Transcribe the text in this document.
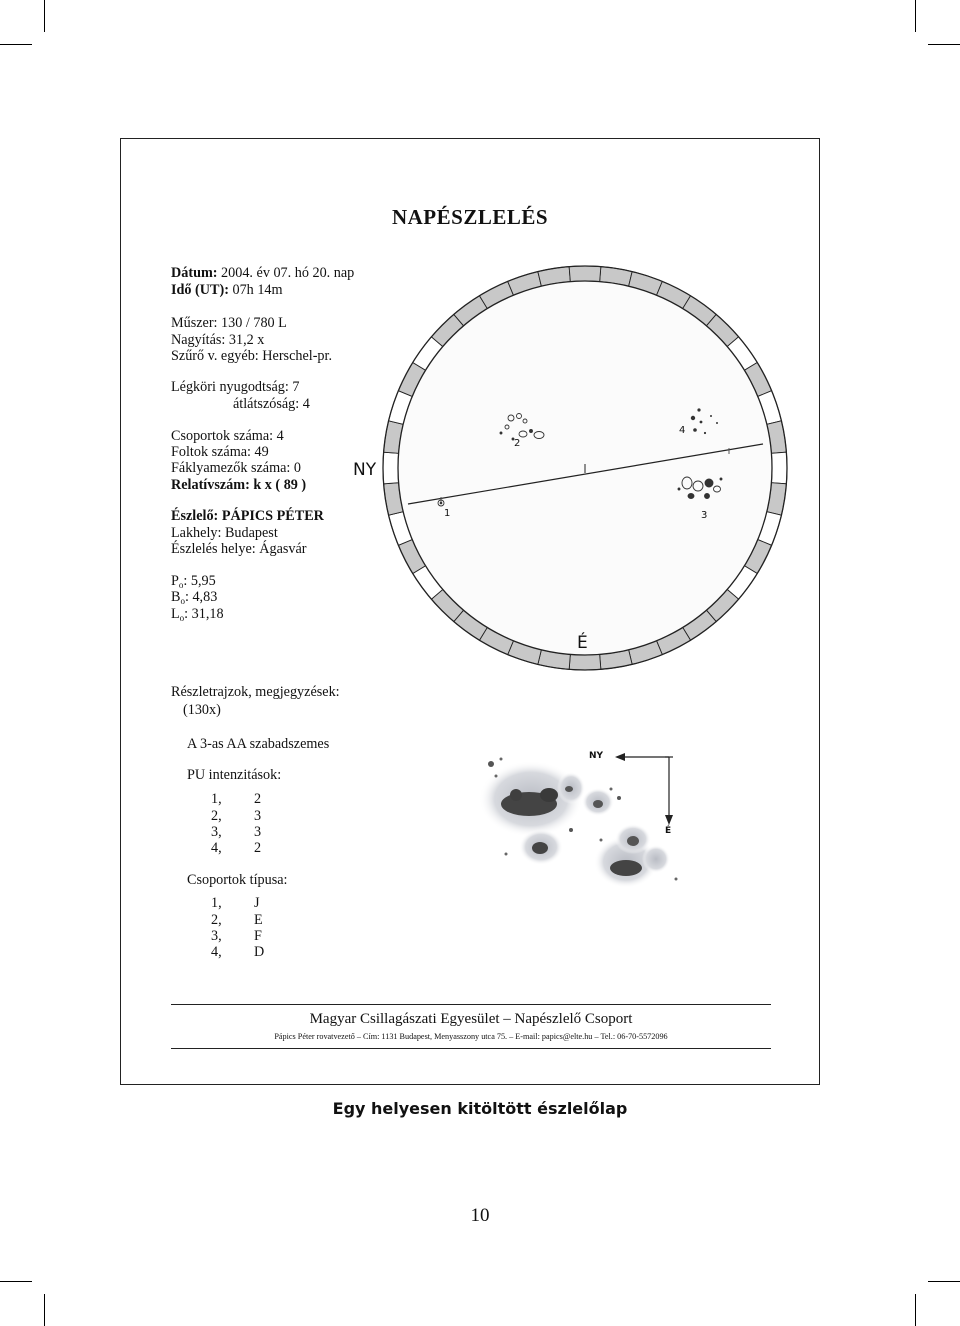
NAPÉSZLELÉS
Dátum: 2004. év 07. hó 20. nap
Idő (UT): 07h 14m
Műszer: 130 / 780 L
Nagyítás: 31,2 x
Szűrő v. egyéb: Herschel-pr.
Légköri nyugodtság: 7
átlátszóság: 4
Csoportok száma: 4
Foltok száma: 49
Fáklyamezők száma: 0
Relatívszám: k x ( 89 )
Észlelő: PÁPICS PÉTER
Lakhely: Budapest
Észlelés helye: Ágasvár
$P_o$: 5,95
$B_o$: 4,83
$L_o$: 31,18
NY
É
1
2
3
4
Részletrajzok, megjegyzések:
(130x)
A 3-as AA szabadszemes
PU intenzitások:
1, 2
2, 3
3, 3
4, 2
Csoportok típusa:
1, J
2, E
3, F
4, D
NY
É
Magyar Csillagászati Egyesület – Napészlelő Csoport
Pápics Péter rovatvezető – Cím: 1131 Budapest, Menyasszony utca 75. – E-mail: papics@elte.hu – Tel.: 06-70-5572096
Egy helyesen kitöltött észlelőlap
10
